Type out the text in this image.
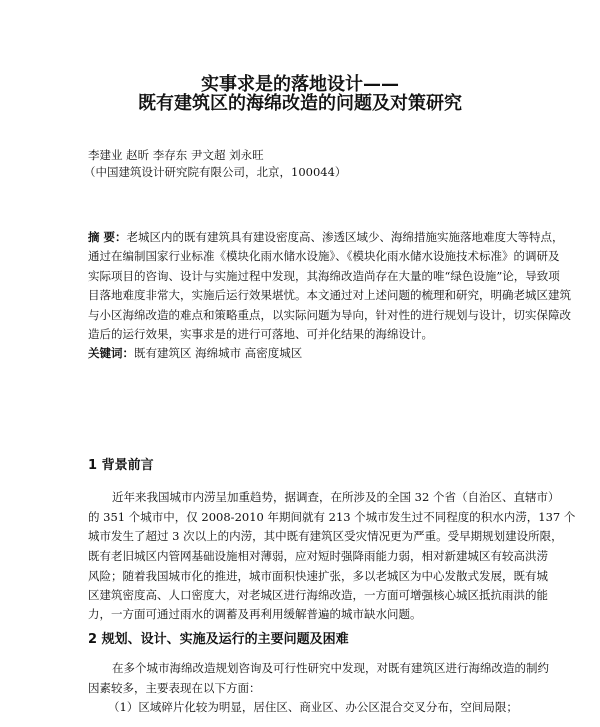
实事求是的落地设计——
既有建筑区的海绵改造的问题及对策研究
李建业 赵昕 李存东 尹文超 刘永旺
（中国建筑设计研究院有限公司，北京，100044）
摘 要：老城区内的既有建筑具有建设密度高、渗透区域少、海绵措施实施落地难度大等特点，
通过在编制国家行业标准《模块化雨水储水设施》、《模块化雨水储水设施技术标准》的调研及
实际项目的咨询、设计与实施过程中发现，其海绵改造尚存在大量的唯“绿色设施”论，导致项
目落地难度非常大，实施后运行效果堪忧。本文通过对上述问题的梳理和研究，明确老城区建筑
与小区海绵改造的难点和策略重点，以实际问题为导向，针对性的进行规划与设计，切实保障改
造后的运行效果，实事求是的进行可落地、可并化结果的海绵设计。
关键词：既有建筑区 海绵城市 高密度城区
1 背景前言
近年来我国城市内涝呈加重趋势，据调查，在所涉及的全国 32 个省（自治区、直辖市）
的 351 个城市中，仅 2008-2010 年期间就有 213 个城市发生过不同程度的积水内涝，137 个
城市发生了超过 3 次以上的内涝，其中既有建筑区受灾情况更为严重。受早期规划建设所限，
既有老旧城区内管网基础设施相对薄弱，应对短时强降雨能力弱，相对新建城区有较高洪涝
风险；随着我国城市化的推进，城市面积快速扩张，多以老城区为中心发散式发展，既有城
区建筑密度高、人口密度大，对老城区进行海绵改造，一方面可增强核心城区抵抗雨洪的能
力，一方面可通过雨水的调蓄及再利用缓解普遍的城市缺水问题。
2 规划、设计、实施及运行的主要问题及困难
在多个城市海绵改造规划咨询及可行性研究中发现，对既有建筑区进行海绵改造的制约
因素较多，主要表现在以下方面：
（1）区域碎片化较为明显，居住区、商业区、办公区混合交叉分布，空间局限；
